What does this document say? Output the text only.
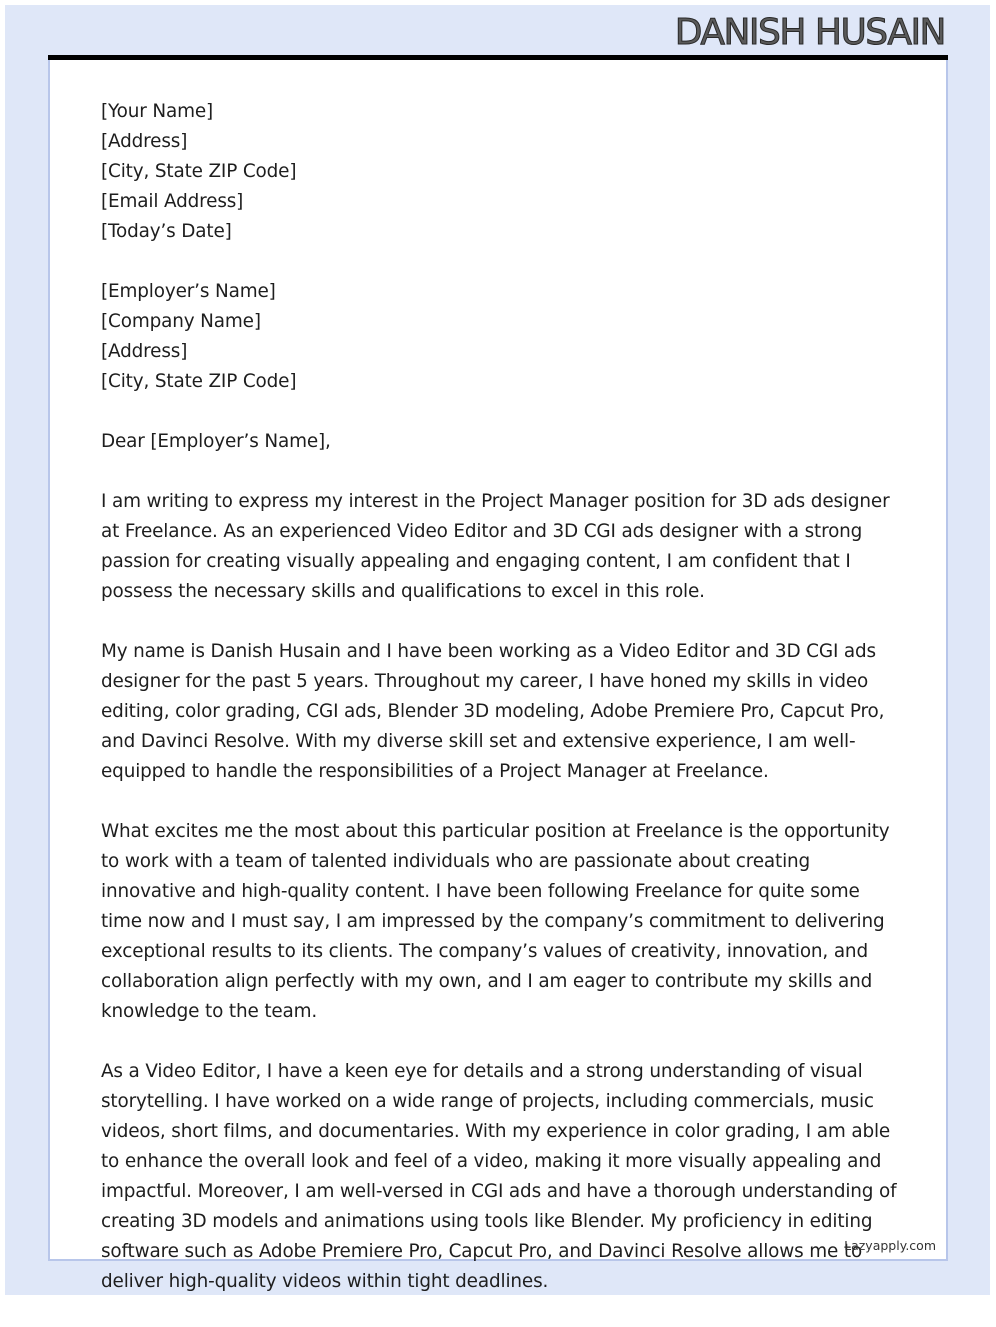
DANISH HUSAIN
[Your Name]
[Address]
[City, State ZIP Code]
[Email Address]
[Today’s Date]
[Employer’s Name]
[Company Name]
[Address]
[City, State ZIP Code]
Dear [Employer’s Name],

I am writing to express my interest in the Project Manager position for 3D ads designer at Freelance. As an experienced Video Editor and 3D CGI ads designer with a strong passion for creating visually appealing and engaging content, I am confident that I possess the necessary skills and qualifications to excel in this role.

My name is Danish Husain and I have been working as a Video Editor and 3D CGI ads designer for the past 5 years. Throughout my career, I have honed my skills in video editing, color grading, CGI ads, Blender 3D modeling, Adobe Premiere Pro, Capcut Pro, and Davinci Resolve. With my diverse skill set and extensive experience, I am well-equipped to handle the responsibilities of a Project Manager at Freelance.

What excites me the most about this particular position at Freelance is the opportunity to work with a team of talented individuals who are passionate about creating innovative and high-quality content. I have been following Freelance for quite some time now and I must say, I am impressed by the company’s commitment to delivering exceptional results to its clients. The company’s values of creativity, innovation, and collaboration align perfectly with my own, and I am eager to contribute my skills and knowledge to the team.

As a Video Editor, I have a keen eye for details and a strong understanding of visual storytelling. I have worked on a wide range of projects, including commercials, music videos, short films, and documentaries. With my experience in color grading, I am able to enhance the overall look and feel of a video, making it more visually appealing and impactful. Moreover, I am well-versed in CGI ads and have a thorough understanding of creating 3D models and animations using tools like Blender. My proficiency in editing software such as Adobe Premiere Pro, Capcut Pro, and Davinci Resolve allows me to deliver high-quality videos within tight deadlines.

Lazyapply.com
